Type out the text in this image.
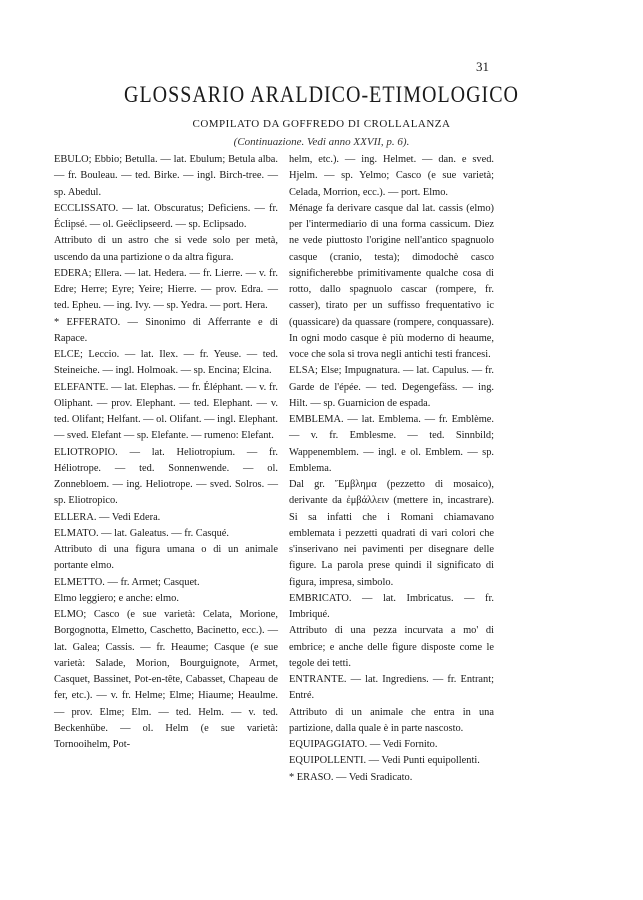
31
GLOSSARIO ARALDICO-ETIMOLOGICO
COMPILATO DA GOFFREDO DI CROLLALANZA
(Continuazione. Vedi anno XXVII, p. 6).

EBULO; Ebbio; Betulla. — lat. Ebulum; Betula alba. — fr. Bouleau. — ted. Birke. — ingl. Birch-tree. — sp. Abedul.

ECCLISSATO. — lat. Obscuratus; Deficiens. — fr. Éclipsé. — ol. Geëclipseerd. — sp. Eclipsado.

Attributo di un astro che si vede solo per metà, uscendo da una partizione o da altra figura.

EDERA; Ellera. — lat. Hedera. — fr. Lierre. — v. fr. Edre; Herre; Eyre; Yeire; Hierre. — prov. Edra. — ted. Epheu. — ing. Ivy. — sp. Yedra. — port. Hera.

* EFFERATO. — Sinonimo di Afferrante e di Rapace.

ELCE; Leccio. — lat. Ilex. — fr. Yeuse. — ted. Steineiche. — ingl. Holmoak. — sp. Encina; Elcina.

ELEFANTE. — lat. Elephas. — fr. Éléphant. — v. fr. Oliphant. — prov. Elephant. — ted. Elephant. — v. ted. Olifant; Helfant. — ol. Olifant. — ingl. Elephant. — sved. Elefant — sp. Elefante. — rumeno: Elefant.

ELIOTROPIO. — lat. Heliotropium. — fr. Héliotrope. — ted. Sonnenwende. — ol. Zonnebloem. — ing. Heliotrope. — sved. Solros. — sp. Eliotropico.

ELLERA. — Vedi Edera.

ELMATO. — lat. Galeatus. — fr. Casqué.

Attributo di una figura umana o di un animale portante elmo.

ELMETTO. — fr. Armet; Casquet.

Elmo leggiero; e anche: elmo.

ELMO; Casco (e sue varietà: Celata, Morione, Borgognotta, Elmetto, Caschetto, Bacinetto, ecc.). — lat. Galea; Cassis. — fr. Heaume; Casque (e sue varietà: Salade, Morion, Bourguignote, Armet, Casquet, Bassinet, Pot-en-tête, Cabasset, Chapeau de fer, etc.). — v. fr. Helme; Elme; Hiaume; Heaulme. — prov. Elme; Elm. — ted. Helm. — v. ted. Beckenhübe. — ol. Helm (e sue varietà: Tornooihelm, Pot-

helm, etc.). — ing. Helmet. — dan. e sved. Hjelm. — sp. Yelmo; Casco (e sue varietà; Celada, Morrion, ecc.). — port. Elmo.

Ménage fa derivare casque dal lat. cassis (elmo) per l'intermediario di una forma cassicum. Diez ne vede piuttosto l'origine nell'antico spagnuolo casque (cranio, testa); dimodochè casco significherebbe primitivamente qualche cosa di rotto, dallo spagnuolo cascar (rompere, fr. casser), tirato per un suffisso frequentativo ic (quassicare) da quassare (rompere, conquassare). In ogni modo casque è più moderno di heaume, voce che sola si trova negli antichi testi francesi.

ELSA; Else; Impugnatura. — lat. Capulus. — fr. Garde de l'épée. — ted. Degengefäss. — ing. Hilt. — sp. Guarnicion de espada.

EMBLEMA. — lat. Emblema. — fr. Emblème. — v. fr. Emblesme. — ted. Sinnbild; Wappenemblem. — ingl. e ol. Emblem. — sp. Emblema.

Dal gr. Ἔμβλημα (pezzetto di mosaico), derivante da ἐμβάλλειν (mettere in, incastrare). Si sa infatti che i Romani chiamavano emblemata i pezzetti quadrati di vari colori che s'inserivano nei pavimenti per disegnare delle figure. La parola prese quindi il significato di figura, impresa, simbolo.

EMBRICATO. — lat. Imbricatus. — fr. Imbriqué.

Attributo di una pezza incurvata a mo' di embrice; e anche delle figure disposte come le tegole dei tetti.

ENTRANTE. — lat. Ingrediens. — fr. Entrant; Entré.

Attributo di un animale che entra in una partizione, dalla quale è in parte nascosto.

EQUIPAGGIATO. — Vedi Fornito.

EQUIPOLLENTI. — Vedi Punti equipollenti.

* ERASO. — Vedi Sradicato.
